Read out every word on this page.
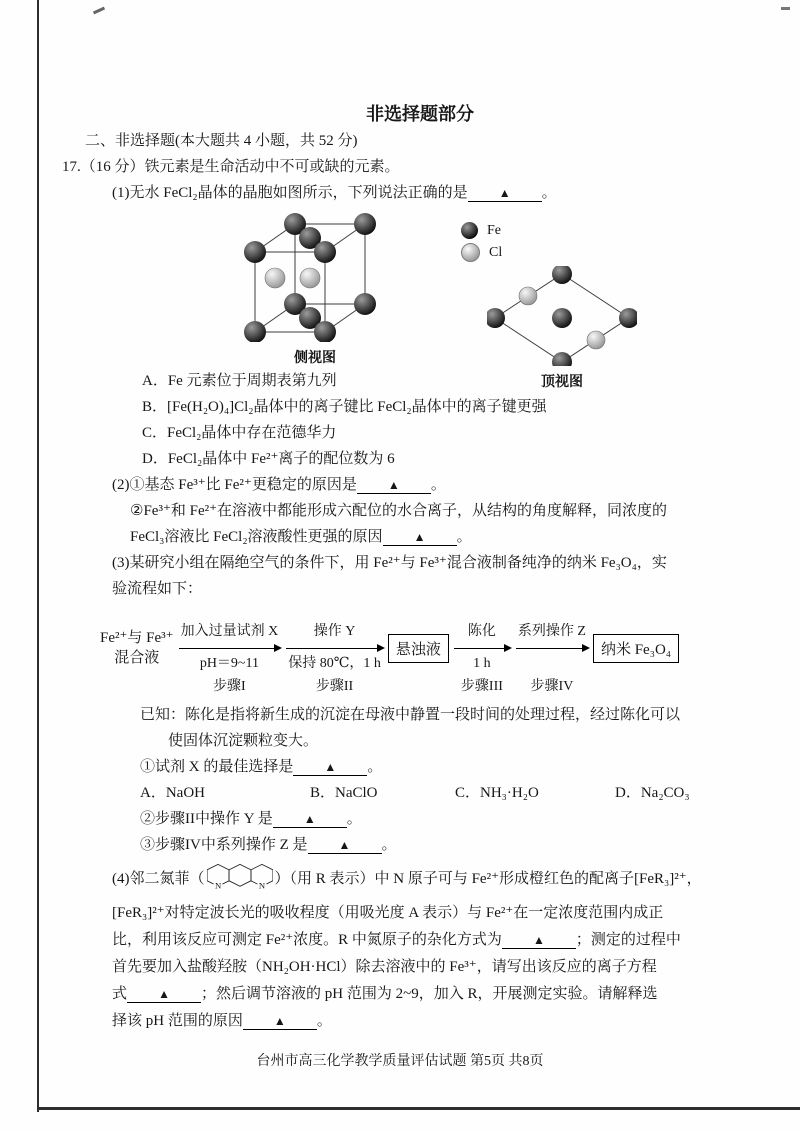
非选择题部分
二、非选择题(本大题共 4 小题，共 52 分)
17.（16 分）铁元素是生命活动中不可或缺的元素。
(1)无水 FeCl₂晶体的晶胞如图所示，下列说法正确的是	▲ 。
侧视图
Fe
Cl
顶视图
A．Fe 元素位于周期表第九列
B．[Fe(H₂O)₄]Cl₂晶体中的离子键比 FeCl₂晶体中的离子键更强
C．FeCl₂晶体中存在范德华力
D．FeCl₂晶体中 Fe²⁺离子的配位数为 6
(2)①基态 Fe³⁺比 Fe²⁺更稳定的原因是	▲ 。
②Fe³⁺和 Fe²⁺在溶液中都能形成六配位的水合离子，从结构的角度解释，同浓度的
FeCl₃溶液比 FeCl₂溶液酸性更强的原因	▲ 。
(3)某研究小组在隔绝空气的条件下，用 Fe²⁺与 Fe³⁺混合液制备纯净的纳米 Fe₃O₄，实
验流程如下：
Fe²⁺与 Fe³⁺
混合液
加入过量试剂 X
pH＝9~11
步骤I
操作 Y
保持 80℃，1 h
步骤II
悬浊液
陈化
1 h
步骤III
系列操作 Z
步骤IV
纳米 Fe₃O₄
已知：陈化是指将新生成的沉淀在母液中静置一段时间的处理过程，经过陈化可以
使固体沉淀颗粒变大。
①试剂 X 的最佳选择是	▲ 。
A．NaOH	B．NaClO	C．NH₃·H₂O	D．Na₂CO₃
②步骤II中操作 Y 是	▲ 。
③步骤IV中系列操作 Z 是	▲ 。
(4)邻二氮菲（ N	N ）（用 R 表示）中 N 原子可与 Fe²⁺形成橙红色的配离子[FeR₃]²⁺，
[FeR₃]²⁺对特定波长光的吸收程度（用吸光度 A 表示）与 Fe²⁺在一定浓度范围内成正
比，利用该反应可测定 Fe²⁺浓度。R 中氮原子的杂化方式为	▲ ；测定的过程中
首先要加入盐酸羟胺（NH₂OH·HCl）除去溶液中的 Fe³⁺，请写出该反应的离子方程
式	▲ ；然后调节溶液的 pH 范围为 2~9，加入 R，开展测定实验。请解释选
择该 pH 范围的原因	▲ 。
台州市高三化学教学质量评估试题 第5页 共8页
